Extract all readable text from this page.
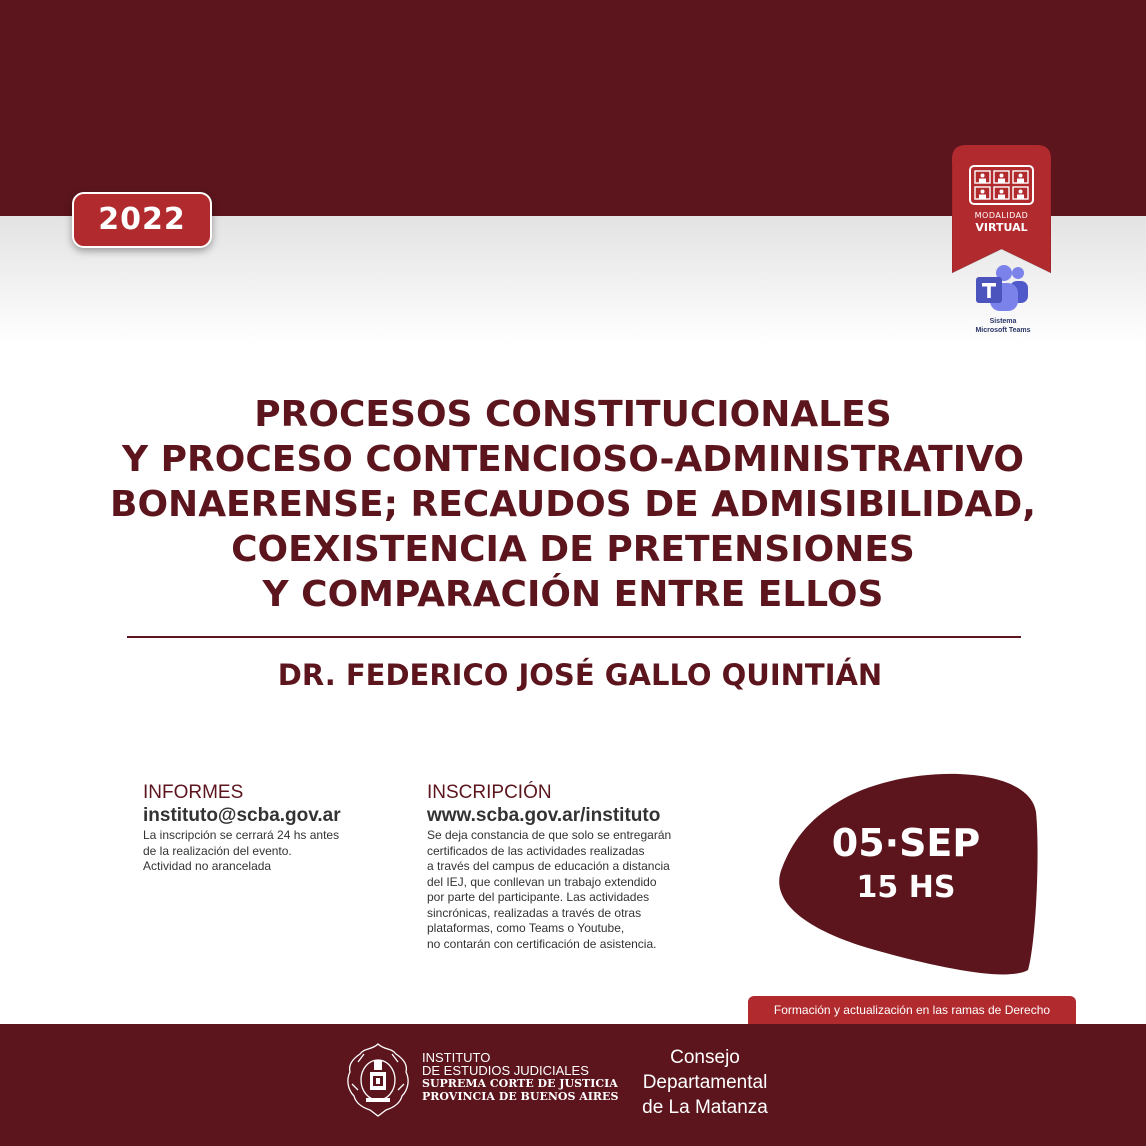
2022	MODALIDAD
VIRTUAL
Sistema
Microsoft Teams
PROCESOS CONSTITUCIONALES
Y PROCESO CONTENCIOSO-ADMINISTRATIVO
BONAERENSE; RECAUDOS DE ADMISIBILIDAD,
COEXISTENCIA DE PRETENSIONES
Y COMPARACIÓN ENTRE ELLOS
DR. FEDERICO JOSÉ GALLO QUINTIÁN
INFORMES
instituto@scba.gov.ar
La inscripción se cerrará 24 hs antes
de la realización del evento.
Actividad no arancelada
INSCRIPCIÓN
www.scba.gov.ar/instituto
Se deja constancia de que solo se entregarán
certificados de las actividades realizadas
a través del campus de educación a distancia
del IEJ, que conllevan un trabajo extendido
por parte del participante. Las actividades
sincrónicas, realizadas a través de otras
plataformas, como Teams o Youtube,
no contarán con certificación de asistencia.
05·SEP
15 HS
Formación y actualización en las ramas de Derecho
INSTITUTO
DE ESTUDIOS JUDICIALES
SUPREMA CORTE DE JUSTICIA
PROVINCIA DE BUENOS AIRES
Consejo
Departamental
de La Matanza
